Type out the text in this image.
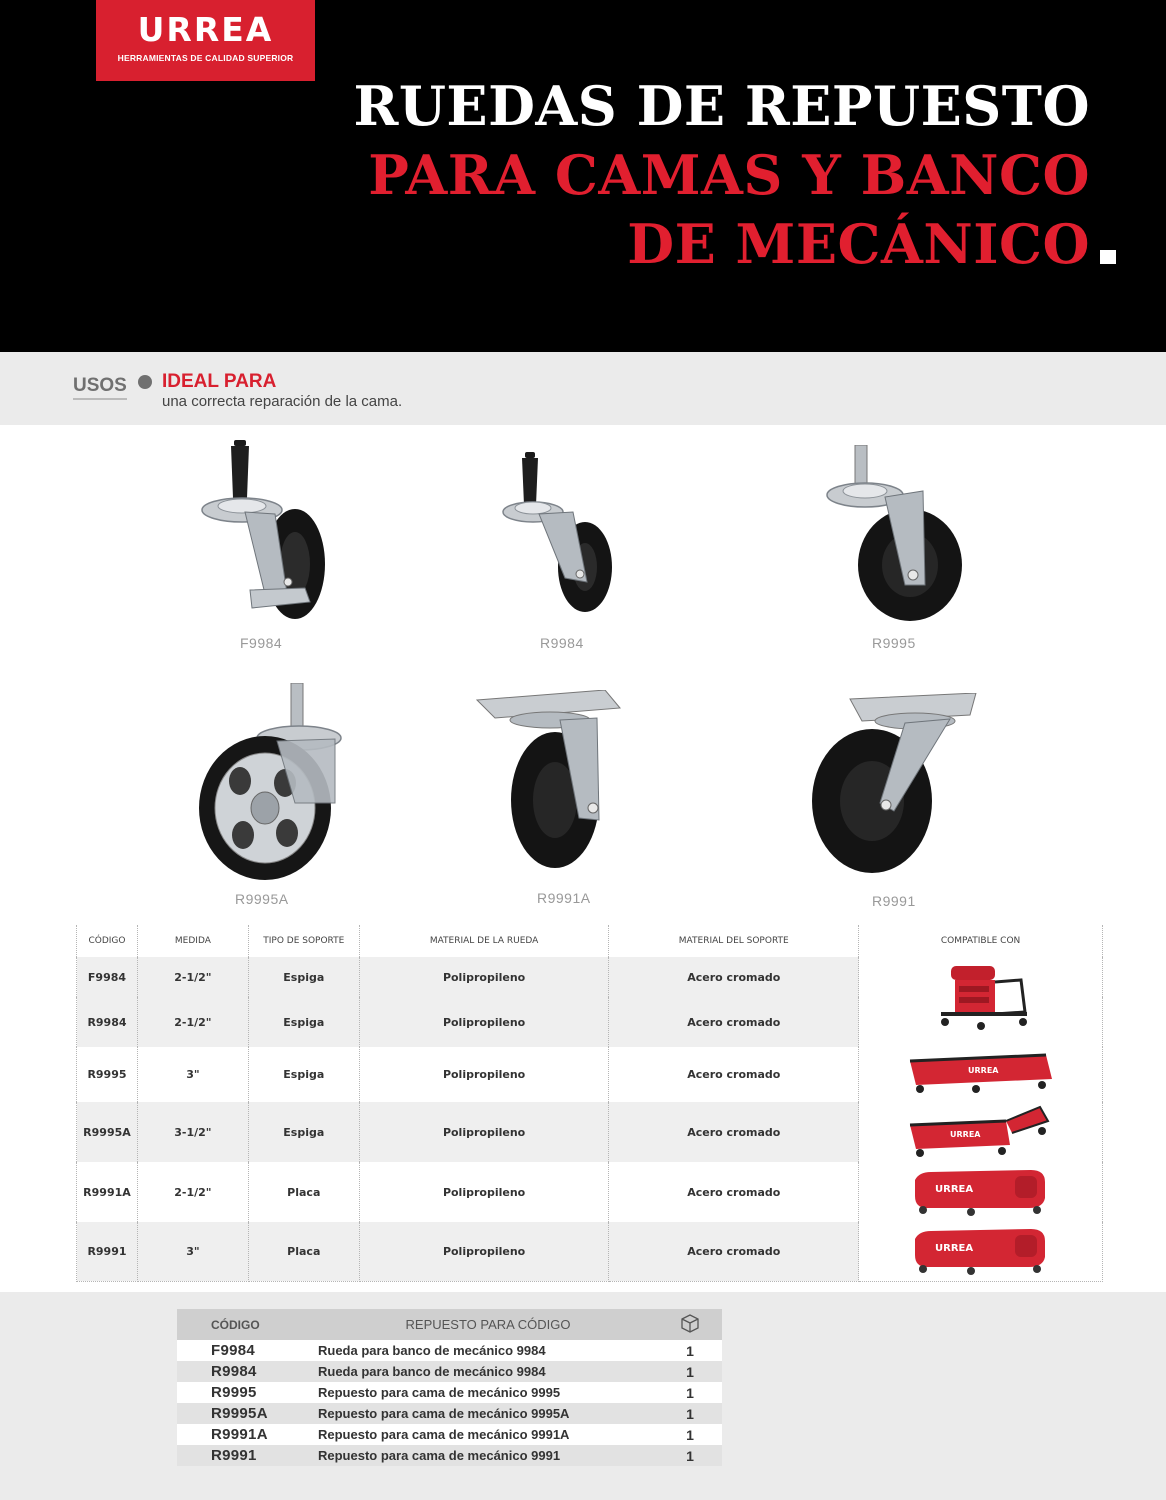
URREA
HERRAMIENTAS DE CALIDAD SUPERIOR
RUEDAS DE REPUESTO
PARA CAMAS Y BANCO
DE MECÁNICO
USOS IDEAL PARA
una correcta reparación de la cama.
F9984	R9984	R9995
R9995A	R9991A	R9991
CÓDIGO	MEDIDA	TIPO DE SOPORTE	MATERIAL DE LA RUEDA	MATERIAL DEL SOPORTE	COMPATIBLE CON
F9984	2-1/2"	Espiga	Polipropileno	Acero cromado	
R9984	2-1/2"	Espiga	Polipropileno	Acero cromado	
R9995	3"	Espiga	Polipropileno	Acero cromado	URREA

R9995A	3-1/2"	Espiga	Polipropileno	Acero cromado	URREA

R9991A	2-1/2"	Placa	Polipropileno	Acero cromado	URREA

R9991	3"	Placa	Polipropileno	Acero cromado	URREA
CÓDIGO	REPUESTO PARA CÓDIGO	
F9984	Rueda para banco de mecánico 9984	1
R9984	Rueda para banco de mecánico 9984	1
R9995	Repuesto para cama de mecánico 9995	1
R9995A	Repuesto para cama de mecánico 9995A	1
R9991A	Repuesto para cama de mecánico 9991A	1
R9991	Repuesto para cama de mecánico 9991	1
